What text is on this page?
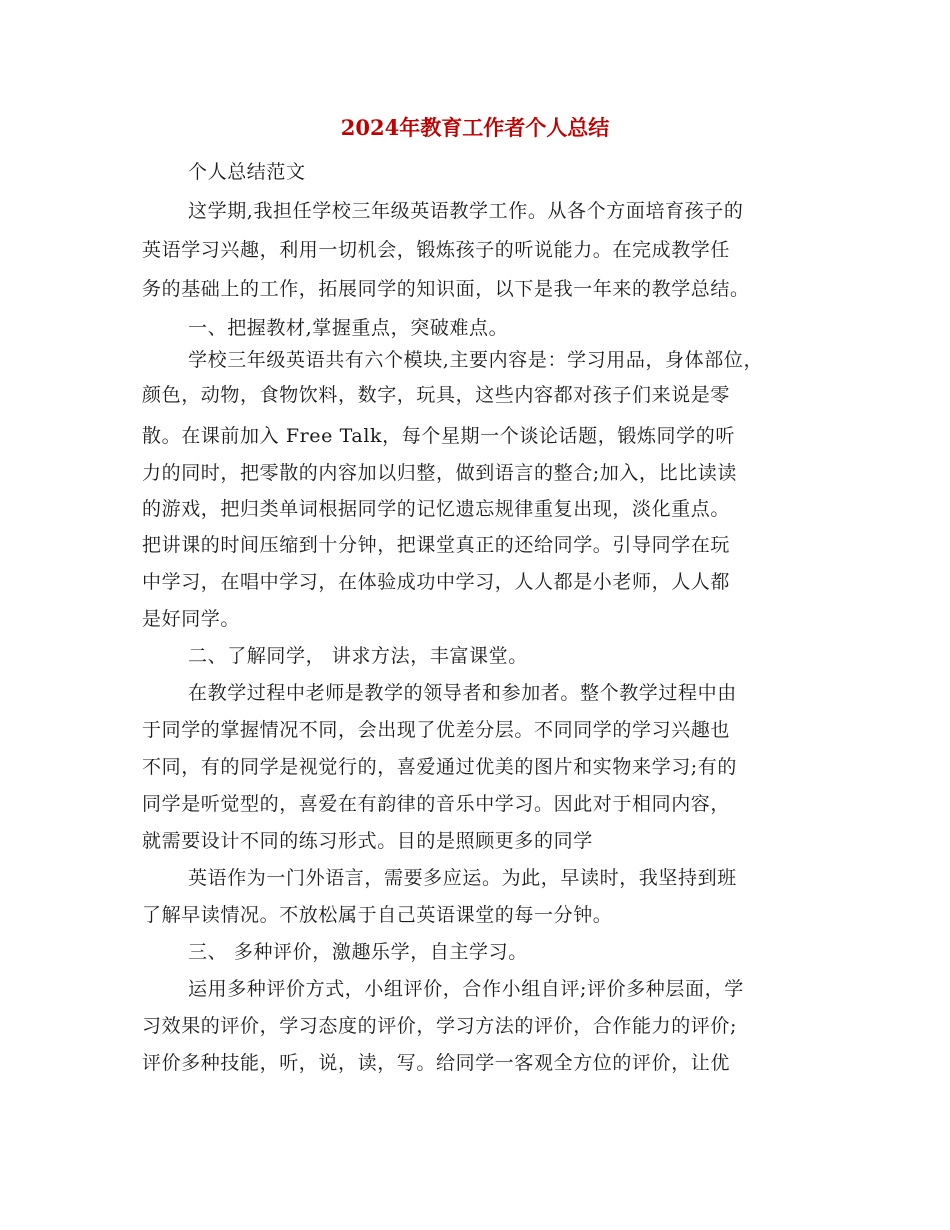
2024年教育工作者个人总结
个人总结范文
这学期,我担任学校三年级英语教学工作。从各个方面培育孩子的
英语学习兴趣，利用一切机会，锻炼孩子的听说能力。在完成教学任
务的基础上的工作，拓展同学的知识面，以下是我一年来的教学总结。
一、把握教材,掌握重点，突破难点。
学校三年级英语共有六个模块,主要内容是：学习用品，身体部位，
颜色，动物，食物饮料，数字，玩具，这些内容都对孩子们来说是零
散。在课前加入 Free Talk，每个星期一个谈论话题，锻炼同学的听
力的同时，把零散的内容加以归整，做到语言的整合;加入，比比读读
的游戏，把归类单词根据同学的记忆遗忘规律重复出现，淡化重点。
把讲课的时间压缩到十分钟，把课堂真正的还给同学。引导同学在玩
中学习，在唱中学习，在体验成功中学习，人人都是小老师，人人都
是好同学。
二、了解同学， 讲求方法，丰富课堂。
在教学过程中老师是教学的领导者和参加者。整个教学过程中由
于同学的掌握情况不同，会出现了优差分层。不同同学的学习兴趣也
不同，有的同学是视觉行的，喜爱通过优美的图片和实物来学习;有的
同学是听觉型的，喜爱在有韵律的音乐中学习。因此对于相同内容，
就需要设计不同的练习形式。目的是照顾更多的同学
英语作为一门外语言，需要多应运。为此，早读时，我坚持到班
了解早读情况。不放松属于自己英语课堂的每一分钟。
三、 多种评价，激趣乐学，自主学习。
运用多种评价方式，小组评价，合作小组自评;评价多种层面，学
习效果的评价，学习态度的评价，学习方法的评价，合作能力的评价;
评价多种技能，听，说，读，写。给同学一客观全方位的评价，让优
